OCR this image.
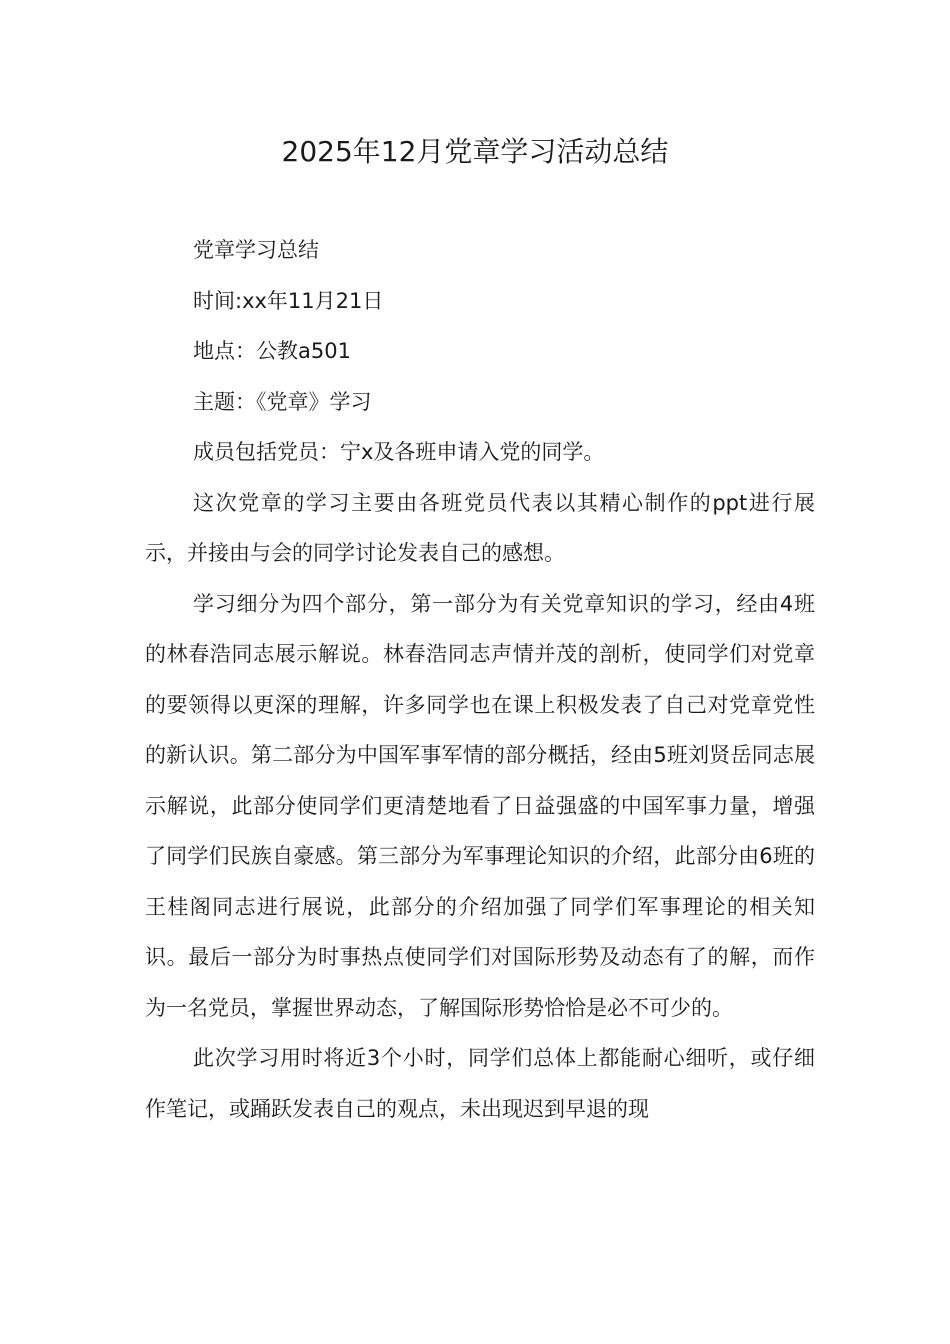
2025年12月党章学习活动总结

党章学习总结

时间:xx年11月21日

地点：公教a501

主题：《党章》学习

成员包括党员：宁x及各班申请入党的同学。

这次党章的学习主要由各班党员代表以其精心制作的ppt进行展示，并接由与会的同学讨论发表自己的感想。

学习细分为四个部分，第一部分为有关党章知识的学习，经由4班的林春浩同志展示解说。林春浩同志声情并茂的剖析，使同学们对党章的要领得以更深的理解，许多同学也在课上积极发表了自己对党章党性的新认识。第二部分为中国军事军情的部分概括，经由5班刘贤岳同志展示解说，此部分使同学们更清楚地看了日益强盛的中国军事力量，增强了同学们民族自豪感。第三部分为军事理论知识的介绍，此部分由6班的王桂阁同志进行展说，此部分的介绍加强了同学们军事理论的相关知识。最后一部分为时事热点使同学们对国际形势及动态有了的解，而作为一名党员，掌握世界动态，了解国际形势恰恰是必不可少的。

此次学习用时将近3个小时，同学们总体上都能耐心细听，或仔细作笔记，或踊跃发表自己的观点，未出现迟到早退的现
